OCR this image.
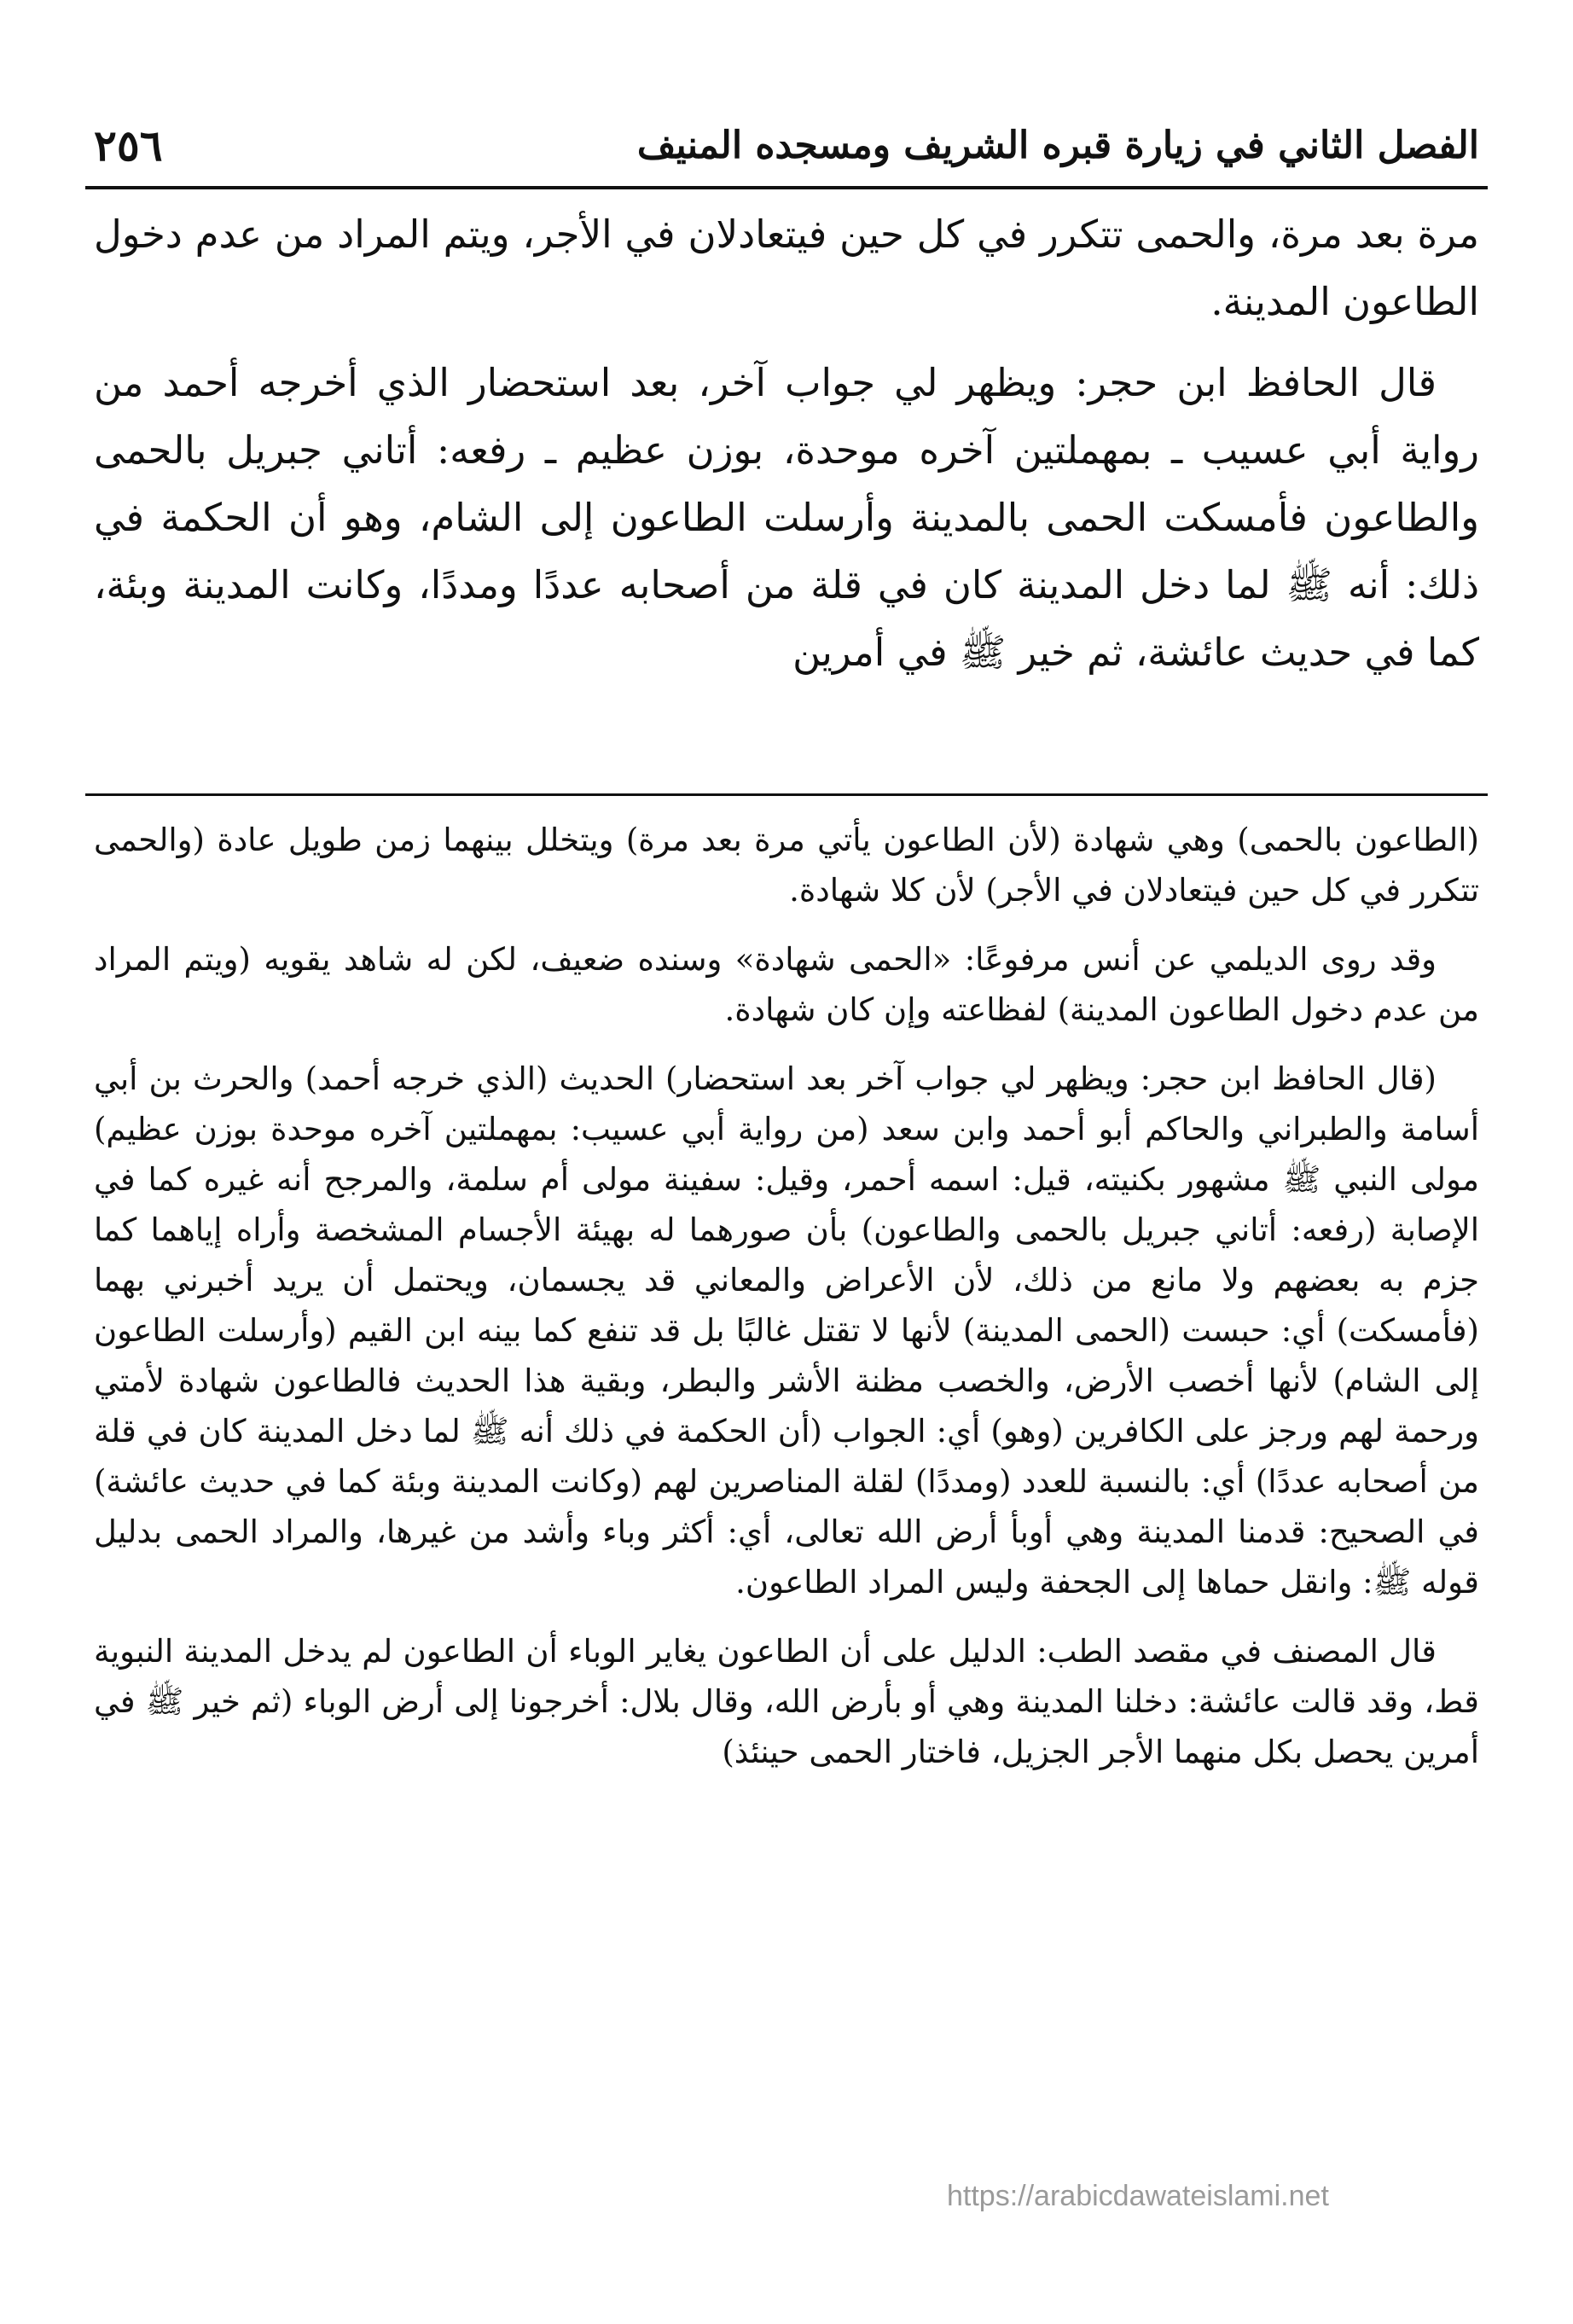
الفصل الثاني في زيارة قبره الشريف ومسجده المنيف
٢٥٦

مرة بعد مرة، والحمى تتكرر في كل حين فيتعادلان في الأجر، ويتم المراد من عدم دخول الطاعون المدينة.

قال الحافظ ابن حجر: ويظهر لي جواب آخر، بعد استحضار الذي أخرجه أحمد من رواية أبي عسيب ـ بمهملتين آخره موحدة، بوزن عظيم ـ رفعه: أتاني جبريل بالحمى والطاعون فأمسكت الحمى بالمدينة وأرسلت الطاعون إلى الشام، وهو أن الحكمة في ذلك: أنه ﷺ لما دخل المدينة كان في قلة من أصحابه عددًا ومددًا، وكانت المدينة وبئة، كما في حديث عائشة، ثم خير ﷺ في أمرين

(الطاعون بالحمى) وهي شهادة (لأن الطاعون يأتي مرة بعد مرة) ويتخلل بينهما زمن طويل عادة (والحمى تتكرر في كل حين فيتعادلان في الأجر) لأن كلا شهادة.

وقد روى الديلمي عن أنس مرفوعًا: «الحمى شهادة» وسنده ضعيف، لكن له شاهد يقويه (ويتم المراد من عدم دخول الطاعون المدينة) لفظاعته وإن كان شهادة.

(قال الحافظ ابن حجر: ويظهر لي جواب آخر بعد استحضار) الحديث (الذي خرجه أحمد) والحرث بن أبي أسامة والطبراني والحاكم أبو أحمد وابن سعد (من رواية أبي عسيب: بمهملتين آخره موحدة بوزن عظيم) مولى النبي ﷺ مشهور بكنيته، قيل: اسمه أحمر، وقيل: سفينة مولى أم سلمة، والمرجح أنه غيره كما في الإصابة (رفعه: أتاني جبريل بالحمى والطاعون) بأن صورهما له بهيئة الأجسام المشخصة وأراه إياهما كما جزم به بعضهم ولا مانع من ذلك، لأن الأعراض والمعاني قد يجسمان، ويحتمل أن يريد أخبرني بهما (فأمسكت) أي: حبست (الحمى المدينة) لأنها لا تقتل غالبًا بل قد تنفع كما بينه ابن القيم (وأرسلت الطاعون إلى الشام) لأنها أخصب الأرض، والخصب مظنة الأشر والبطر، وبقية هذا الحديث فالطاعون شهادة لأمتي ورحمة لهم ورجز على الكافرين (وهو) أي: الجواب (أن الحكمة في ذلك أنه ﷺ لما دخل المدينة كان في قلة من أصحابه عددًا) أي: بالنسبة للعدد (ومددًا) لقلة المناصرين لهم (وكانت المدينة وبئة كما في حديث عائشة) في الصحيح: قدمنا المدينة وهي أوبأ أرض الله تعالى، أي: أكثر وباء وأشد من غيرها، والمراد الحمى بدليل قوله ﷺ: وانقل حماها إلى الجحفة وليس المراد الطاعون.

قال المصنف في مقصد الطب: الدليل على أن الطاعون يغاير الوباء أن الطاعون لم يدخل المدينة النبوية قط، وقد قالت عائشة: دخلنا المدينة وهي أو بأرض الله، وقال بلال: أخرجونا إلى أرض الوباء (ثم خير ﷺ في أمرين يحصل بكل منهما الأجر الجزيل، فاختار الحمى حينئذ)

https://arabicdawateislami.net
